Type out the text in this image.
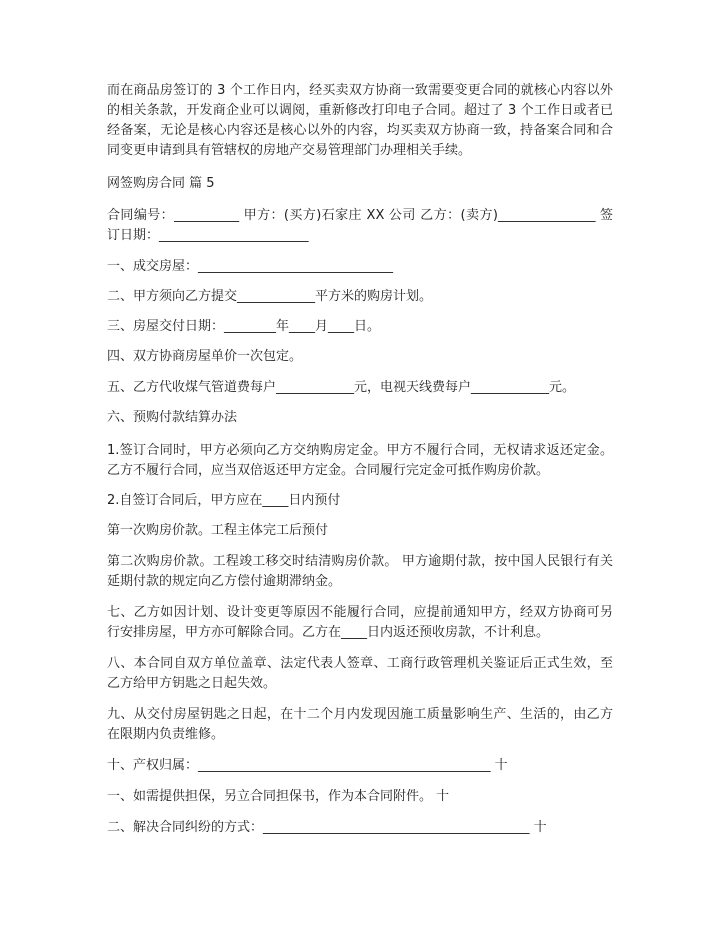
而在商品房签订的 3 个工作日内，经买卖双方协商一致需要变更合同的就核心内容以外的相关条款，开发商企业可以调阅，重新修改打印电子合同。超过了 3 个工作日或者已经备案，无论是核心内容还是核心以外的内容，均买卖双方协商一致，持备案合同和合同变更申请到具有管辖权的房地产交易管理部门办理相关手续。

网签购房合同 篇 5

合同编号：__________ 甲方：(买方)石家庄 XX 公司 乙方：(卖方)_______________ 签订日期：_______________________

一、成交房屋：______________________________

二、甲方须向乙方提交____________平方米的购房计划。

三、房屋交付日期：________年____月____日。

四、双方协商房屋单价一次包定。

五、乙方代收煤气管道费每户____________元，电视天线费每户____________元。

六、预购付款结算办法

1.签订合同时，甲方必须向乙方交纳购房定金。甲方不履行合同，无权请求返还定金。乙方不履行合同，应当双倍返还甲方定金。合同履行完定金可抵作购房价款。

2.自签订合同后，甲方应在____日内预付

第一次购房价款。工程主体完工后预付

第二次购房价款。工程竣工移交时结清购房价款。 甲方逾期付款，按中国人民银行有关延期付款的规定向乙方偿付逾期滞纳金。

七、乙方如因计划、设计变更等原因不能履行合同，应提前通知甲方，经双方协商可另行安排房屋，甲方亦可解除合同。乙方在____日内返还预收房款，不计利息。

八、本合同自双方单位盖章、法定代表人签章、工商行政管理机关鉴证后正式生效，至乙方给甲方钥匙之日起失效。

九、从交付房屋钥匙之日起，在十二个月内发现因施工质量影响生产、生活的，由乙方在限期内负责维修。

十、产权归属：_____________________________________________ 十

一、如需提供担保，另立合同担保书，作为本合同附件。 十

二、解决合同纠纷的方式：_________________________________________ 十
